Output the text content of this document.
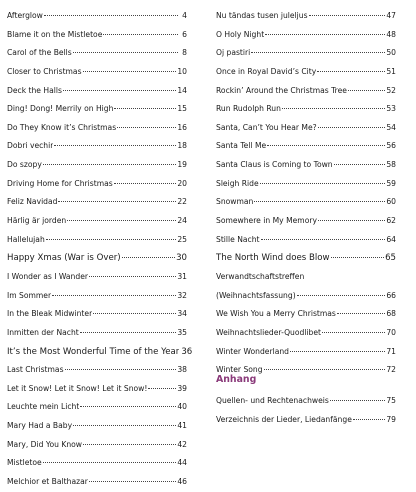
Afterglow	4
Blame it on the Mistletoe	6
Carol of the Bells	8
Closer to Christmas	10
Deck the Halls	14
Ding! Dong! Merrily on High	15
Do They Know it’s Christmas	16
Dobri vechir	18
Do szopy	19
Driving Home for Christmas	20
Feliz Navidad	22
Härlig är jorden	24
Hallelujah	25
Happy Xmas (War is Over)	30
I Wonder as I Wander	31
Im Sommer	32
In the Bleak Midwinter	34
Inmitten der Nacht	35
It’s the Most Wonderful Time of the Year 36
Last Christmas	38
Let it Snow! Let it Snow! Let it Snow!	39
Leuchte mein Licht	40
Mary Had a Baby	41
Mary, Did You Know	42
Mistletoe	44
Melchior et Balthazar	46
Nu tändas tusen juleljus	47
O Holy Night	48
Oj pastiri	50
Once in Royal David’s City	51
Rockin’ Around the Christmas Tree	52
Run Rudolph Run	53
Santa, Can’t You Hear Me?	54
Santa Tell Me	56
Santa Claus is Coming to Town	58
Sleigh Ride	59
Snowman	60
Somewhere in My Memory	62
Stille Nacht	64
The North Wind does Blow	65
Verwandtschaftstreffen
(Weihnachtsfassung)	66
We Wish You a Merry Christmas	68
Weihnachtslieder-Quodlibet	70
Winter Wonderland	71
Winter Song	72
Anhang
Quellen- und Rechtenachweis	75
Verzeichnis der Lieder, Liedanfänge	79
